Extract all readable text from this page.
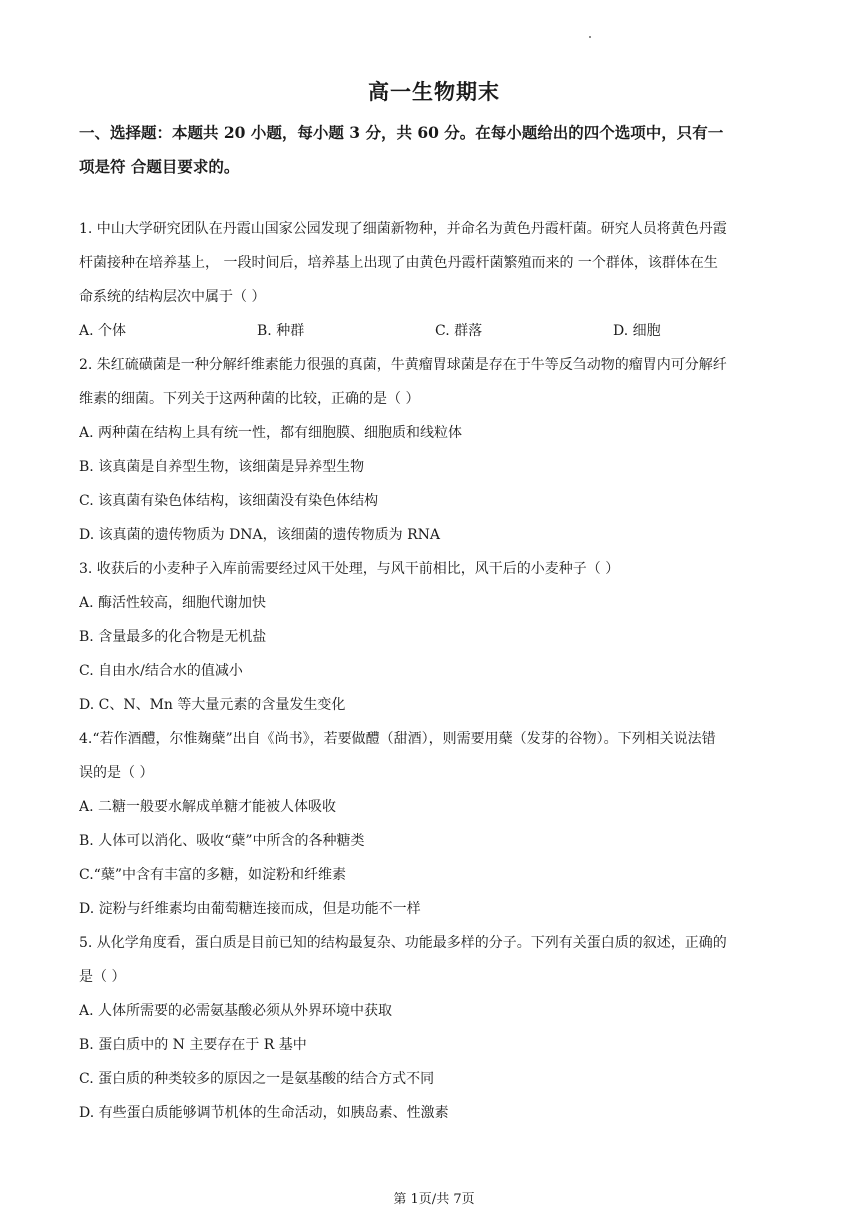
高一生物期末
一、选择题：本题共 20 小题，每小题 3 分，共 60 分。在每小题给出的四个选项中，只有一
项是符 合题目要求的。
1. 中山大学研究团队在丹霞山国家公园发现了细菌新物种，并命名为黄色丹霞杆菌。研究人员将黄色丹霞
杆菌接种在培养基上， 一段时间后，培养基上出现了由黄色丹霞杆菌繁殖而来的 一个群体，该群体在生
命系统的结构层次中属于（ ）
A. 个体	B. 种群	C. 群落	D. 细胞
2. 朱红硫磺菌是一种分解纤维素能力很强的真菌，牛黄瘤胃球菌是存在于牛等反刍动物的瘤胃内可分解纤
维素的细菌。下列关于这两种菌的比较，正确的是（ ）
A. 两种菌在结构上具有统一性，都有细胞膜、细胞质和线粒体
B. 该真菌是自养型生物，该细菌是异养型生物
C. 该真菌有染色体结构，该细菌没有染色体结构
D. 该真菌的遗传物质为 DNA，该细菌的遗传物质为 RNA
3. 收获后的小麦种子入库前需要经过风干处理，与风干前相比，风干后的小麦种子（ ）
A. 酶活性较高，细胞代谢加快
B. 含量最多的化合物是无机盐
C. 自由水/结合水的值减小
D. C、N、Mn 等大量元素的含量发生变化
4.“若作酒醴，尔惟麹蘖”出自《尚书》，若要做醴（甜酒），则需要用蘖（发芽的谷物）。下列相关说法错
误的是（ ）
A. 二糖一般要水解成单糖才能被人体吸收
B. 人体可以消化、吸收“蘖”中所含的各种糖类
C.“蘖”中含有丰富的多糖，如淀粉和纤维素
D. 淀粉与纤维素均由葡萄糖连接而成，但是功能不一样
5. 从化学角度看，蛋白质是目前已知的结构最复杂、功能最多样的分子。下列有关蛋白质的叙述，正确的
是（ ）
A. 人体所需要的必需氨基酸必须从外界环境中获取
B. 蛋白质中的 N 主要存在于 R 基中
C. 蛋白质的种类较多的原因之一是氨基酸的结合方式不同
D. 有些蛋白质能够调节机体的生命活动，如胰岛素、性激素
第 1页/共 7页
